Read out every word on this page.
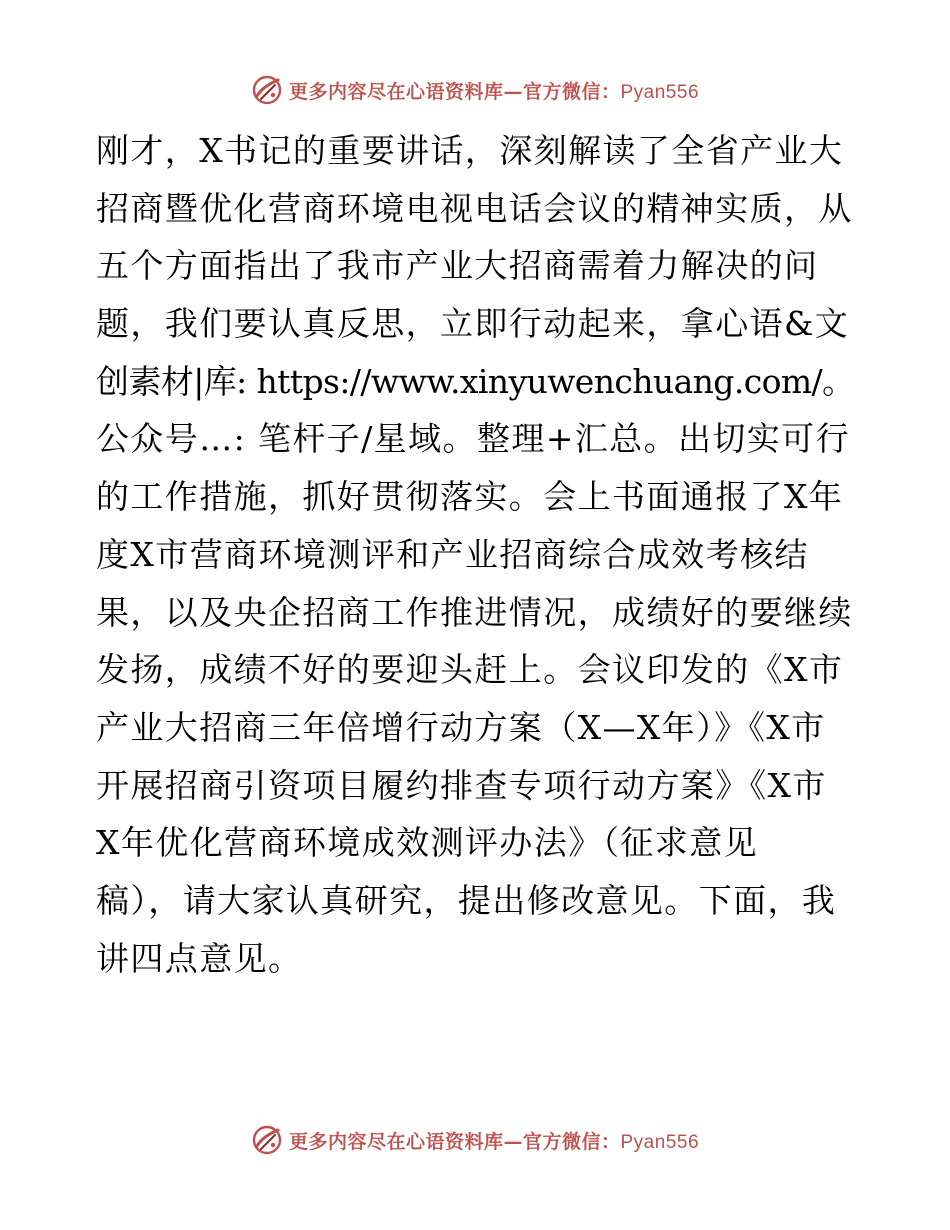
更多内容尽在心语资料库—官方微信： Pyan556
刚才，X书记的重要讲话，深刻解读了全省产业大
招商暨优化营商环境电视电话会议的精神实质，从
五个方面指出了我市产业大招商需着力解决的问
题，我们要认真反思，立即行动起来，拿心语&文
创素材|库: https://www.xinyuwenchuang.com/。
公众号…: 笔杆子/星域。整理+汇总。出切实可行
的工作措施，抓好贯彻落实。会上书面通报了X年
度X市营商环境测评和产业招商综合成效考核结
果，以及央企招商工作推进情况，成绩好的要继续
发扬，成绩不好的要迎头赶上。会议印发的《X市
产业大招商三年倍增行动方案（X—X年）》《X市
开展招商引资项目履约排查专项行动方案》《X市
X年优化营商环境成效测评办法》（征求意见
稿），请大家认真研究，提出修改意见。下面，我
讲四点意见。
更多内容尽在心语资料库—官方微信： Pyan556
